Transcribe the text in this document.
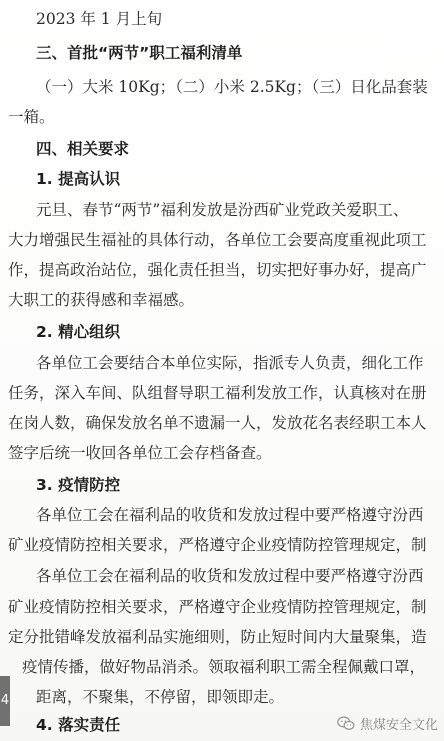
2023 年 1 月上旬
三、首批“两节”职工福利清单
（一）大米 10Kg；（二）小米 2.5Kg；（三）日化品套装
一箱。
四、相关要求
1. 提高认识
元旦、春节“两节”福利发放是汾西矿业党政关爱职工、
大力增强民生福祉的具体行动，各单位工会要高度重视此项工
作，提高政治站位，强化责任担当，切实把好事办好，提高广
大职工的获得感和幸福感。
2. 精心组织
各单位工会要结合本单位实际，指派专人负责，细化工作
任务，深入车间、队组督导职工福利发放工作，认真核对在册
在岗人数，确保发放名单不遗漏一人，发放花名表经职工本人
签字后统一收回各单位工会存档备查。
3. 疫情防控
各单位工会在福利品的收货和发放过程中要严格遵守汾西
矿业疫情防控相关要求，严格遵守企业疫情防控管理规定，制
各单位工会在福利品的收货和发放过程中要严格遵守汾西
矿业疫情防控相关要求，严格遵守企业疫情防控管理规定，制
定分批错峰发放福利品实施细则，防止短时间内大量聚集，造
疫情传播，做好物品消杀。领取福利职工需全程佩戴口罩，
距离，不聚集，不停留，即领即走。
4. 落实责任
4
焦煤安全文化
